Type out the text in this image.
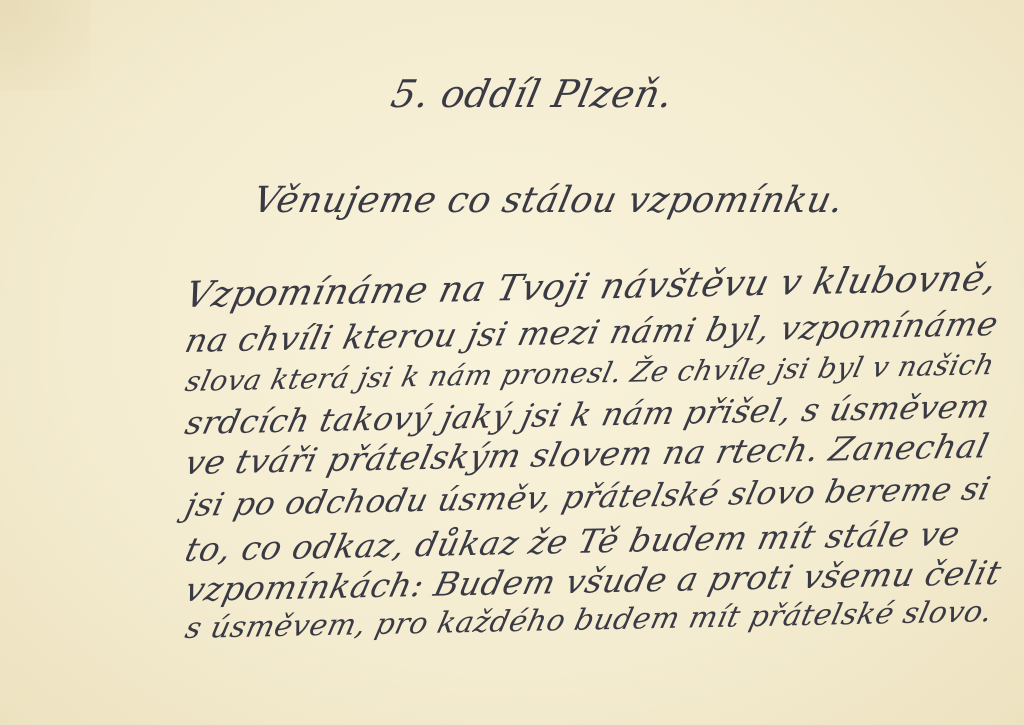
5. oddíl Plzeň.
Věnujeme co stálou vzpomínku.
Vzpomínáme na Tvoji návštěvu v klubovně,
na chvíli kterou jsi mezi námi byl, vzpomínáme
slova která jsi k nám pronesl. Že chvíle jsi byl v našich
srdcích takový jaký jsi k nám přišel, s úsměvem
ve tváři přátelským slovem na rtech. Zanechal
jsi po odchodu úsměv, přátelské slovo bereme si
to, co odkaz, důkaz že Tě budem mít stále ve
vzpomínkách: Budem všude a proti všemu čelit
s úsměvem, pro každého budem mít přátelské slovo.
